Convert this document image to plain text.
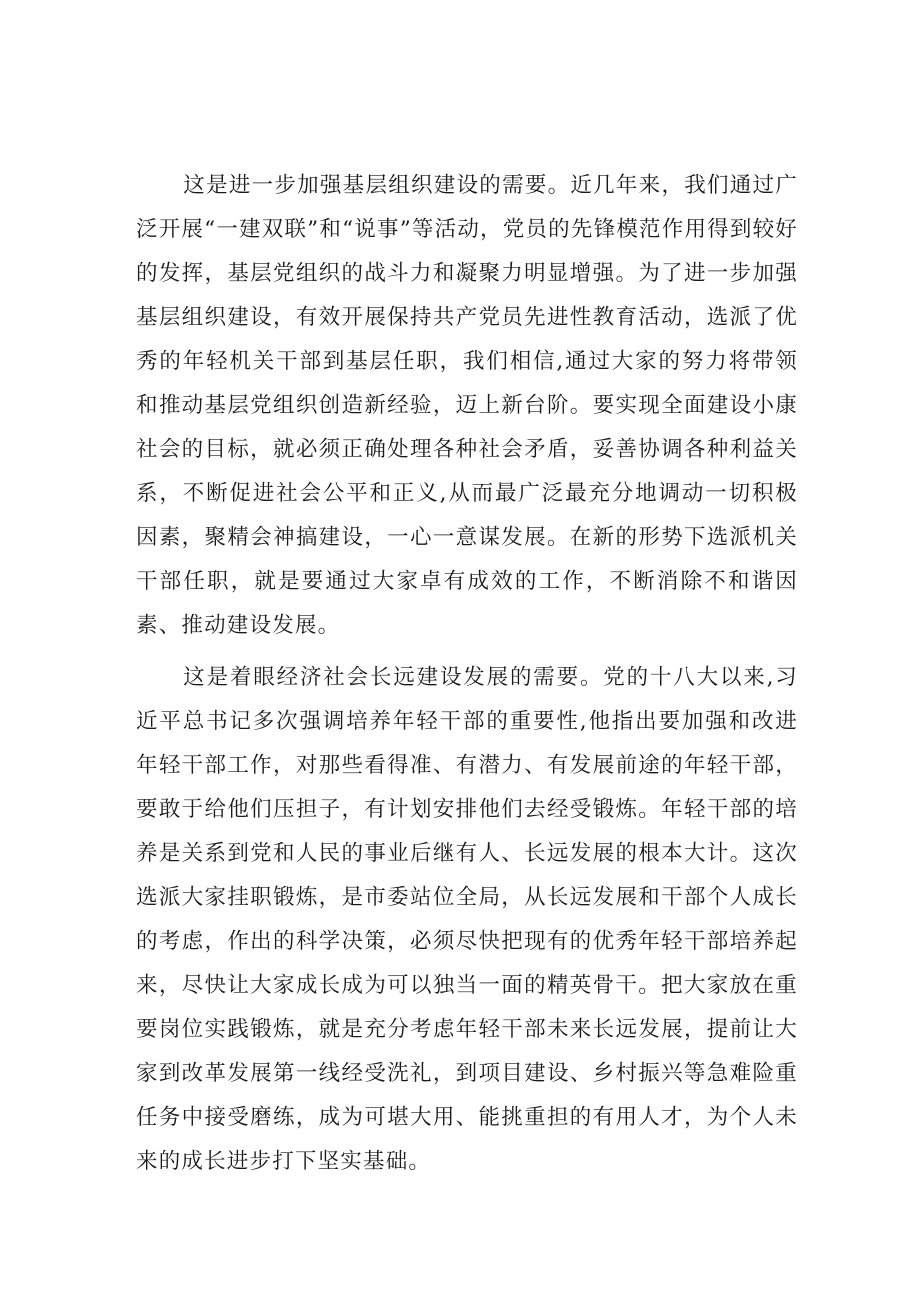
这是进一步加强基层组织建设的需要。近几年来，我们通过广泛开展“一建双联”和“说事”等活动，党员的先锋模范作用得到较好的发挥，基层党组织的战斗力和凝聚力明显增强。为了进一步加强基层组织建设，有效开展保持共产党员先进性教育活动，选派了优秀的年轻机关干部到基层任职，我们相信,通过大家的努力将带领和推动基层党组织创造新经验，迈上新台阶。要实现全面建设小康社会的目标，就必须正确处理各种社会矛盾，妥善协调各种利益关系，不断促进社会公平和正义,从而最广泛最充分地调动一切积极因素，聚精会神搞建设，一心一意谋发展。在新的形势下选派机关干部任职，就是要通过大家卓有成效的工作，不断消除不和谐因素、推动建设发展。

这是着眼经济社会长远建设发展的需要。党的十八大以来,习近平总书记多次强调培养年轻干部的重要性,他指出要加强和改进年轻干部工作，对那些看得准、有潜力、有发展前途的年轻干部，要敢于给他们压担子，有计划安排他们去经受锻炼。年轻干部的培养是关系到党和人民的事业后继有人、长远发展的根本大计。这次选派大家挂职锻炼，是市委站位全局，从长远发展和干部个人成长的考虑，作出的科学决策，必须尽快把现有的优秀年轻干部培养起来，尽快让大家成长成为可以独当一面的精英骨干。把大家放在重要岗位实践锻炼，就是充分考虑年轻干部未来长远发展，提前让大家到改革发展第一线经受洗礼，到项目建设、乡村振兴等急难险重任务中接受磨练，成为可堪大用、能挑重担的有用人才，为个人未来的成长进步打下坚实基础。
